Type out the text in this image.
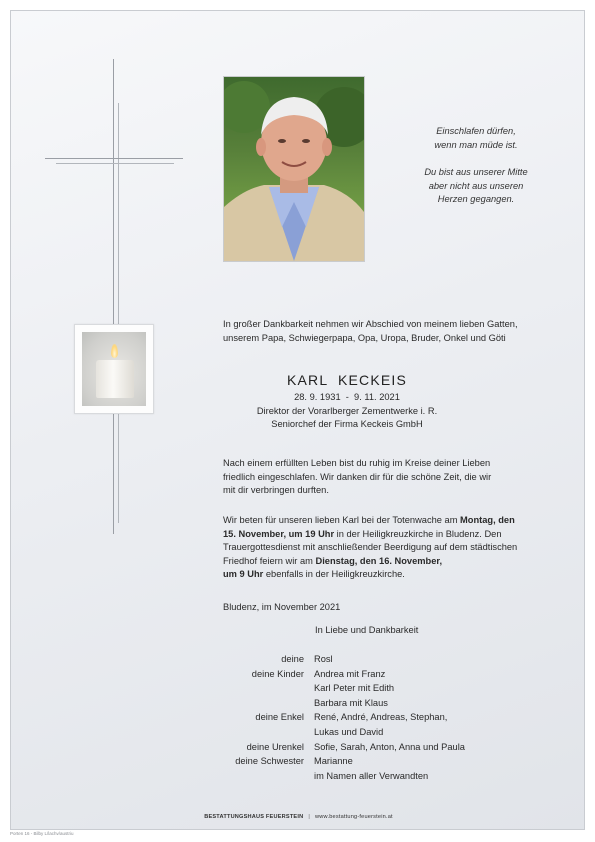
Einschlafen dürfen,

wenn man müde ist.

Du bist aus unserer Mitte

aber nicht aus unseren

Herzen gegangen.

In großer Dankbarkeit nehmen wir Abschied von meinem lieben Gatten,

unserem Papa, Schwiegerpapa, Opa, Uropa, Bruder, Onkel und Göti

KARL  KECKEIS

28. 9. 1931  -  9. 11. 2021

Direktor der Vorarlberger Zementwerke i. R.

Seniorchef der Firma Keckeis GmbH

Nach einem erfüllten Leben bist du ruhig im Kreise deiner Lieben

friedlich eingeschlafen. Wir danken dir für die schöne Zeit, die wir

mit dir verbringen durften.

Wir beten für unseren lieben Karl bei der Totenwache am Montag, den

15. November, um 19 Uhr in der Heiligkreuzkirche in Bludenz. Den

Trauergottesdienst mit anschließender Beerdigung auf dem städtischen

Friedhof feiern wir am Dienstag, den 16. November,

um 9 Uhr ebenfalls in der Heiligkreuzkirche.

Bludenz, im November 2021
In Liebe und Dankbarkeit
deine	Rosl
deine Kinder	Andrea mit Franz
Karl Peter mit Edith
Barbara mit Klaus
deine Enkel	René, André, Andreas, Stephan,
Lukas und David
deine Urenkel	Sofie, Sarah, Anton, Anna und Paula
deine Schwester	Marianne
im Namen aller Verwandten
BESTATTUNGSHAUS FEUERSTEIN | www.bestattung-feuerstein.at
Porten 16 - Bilby L/lachv/austriu
